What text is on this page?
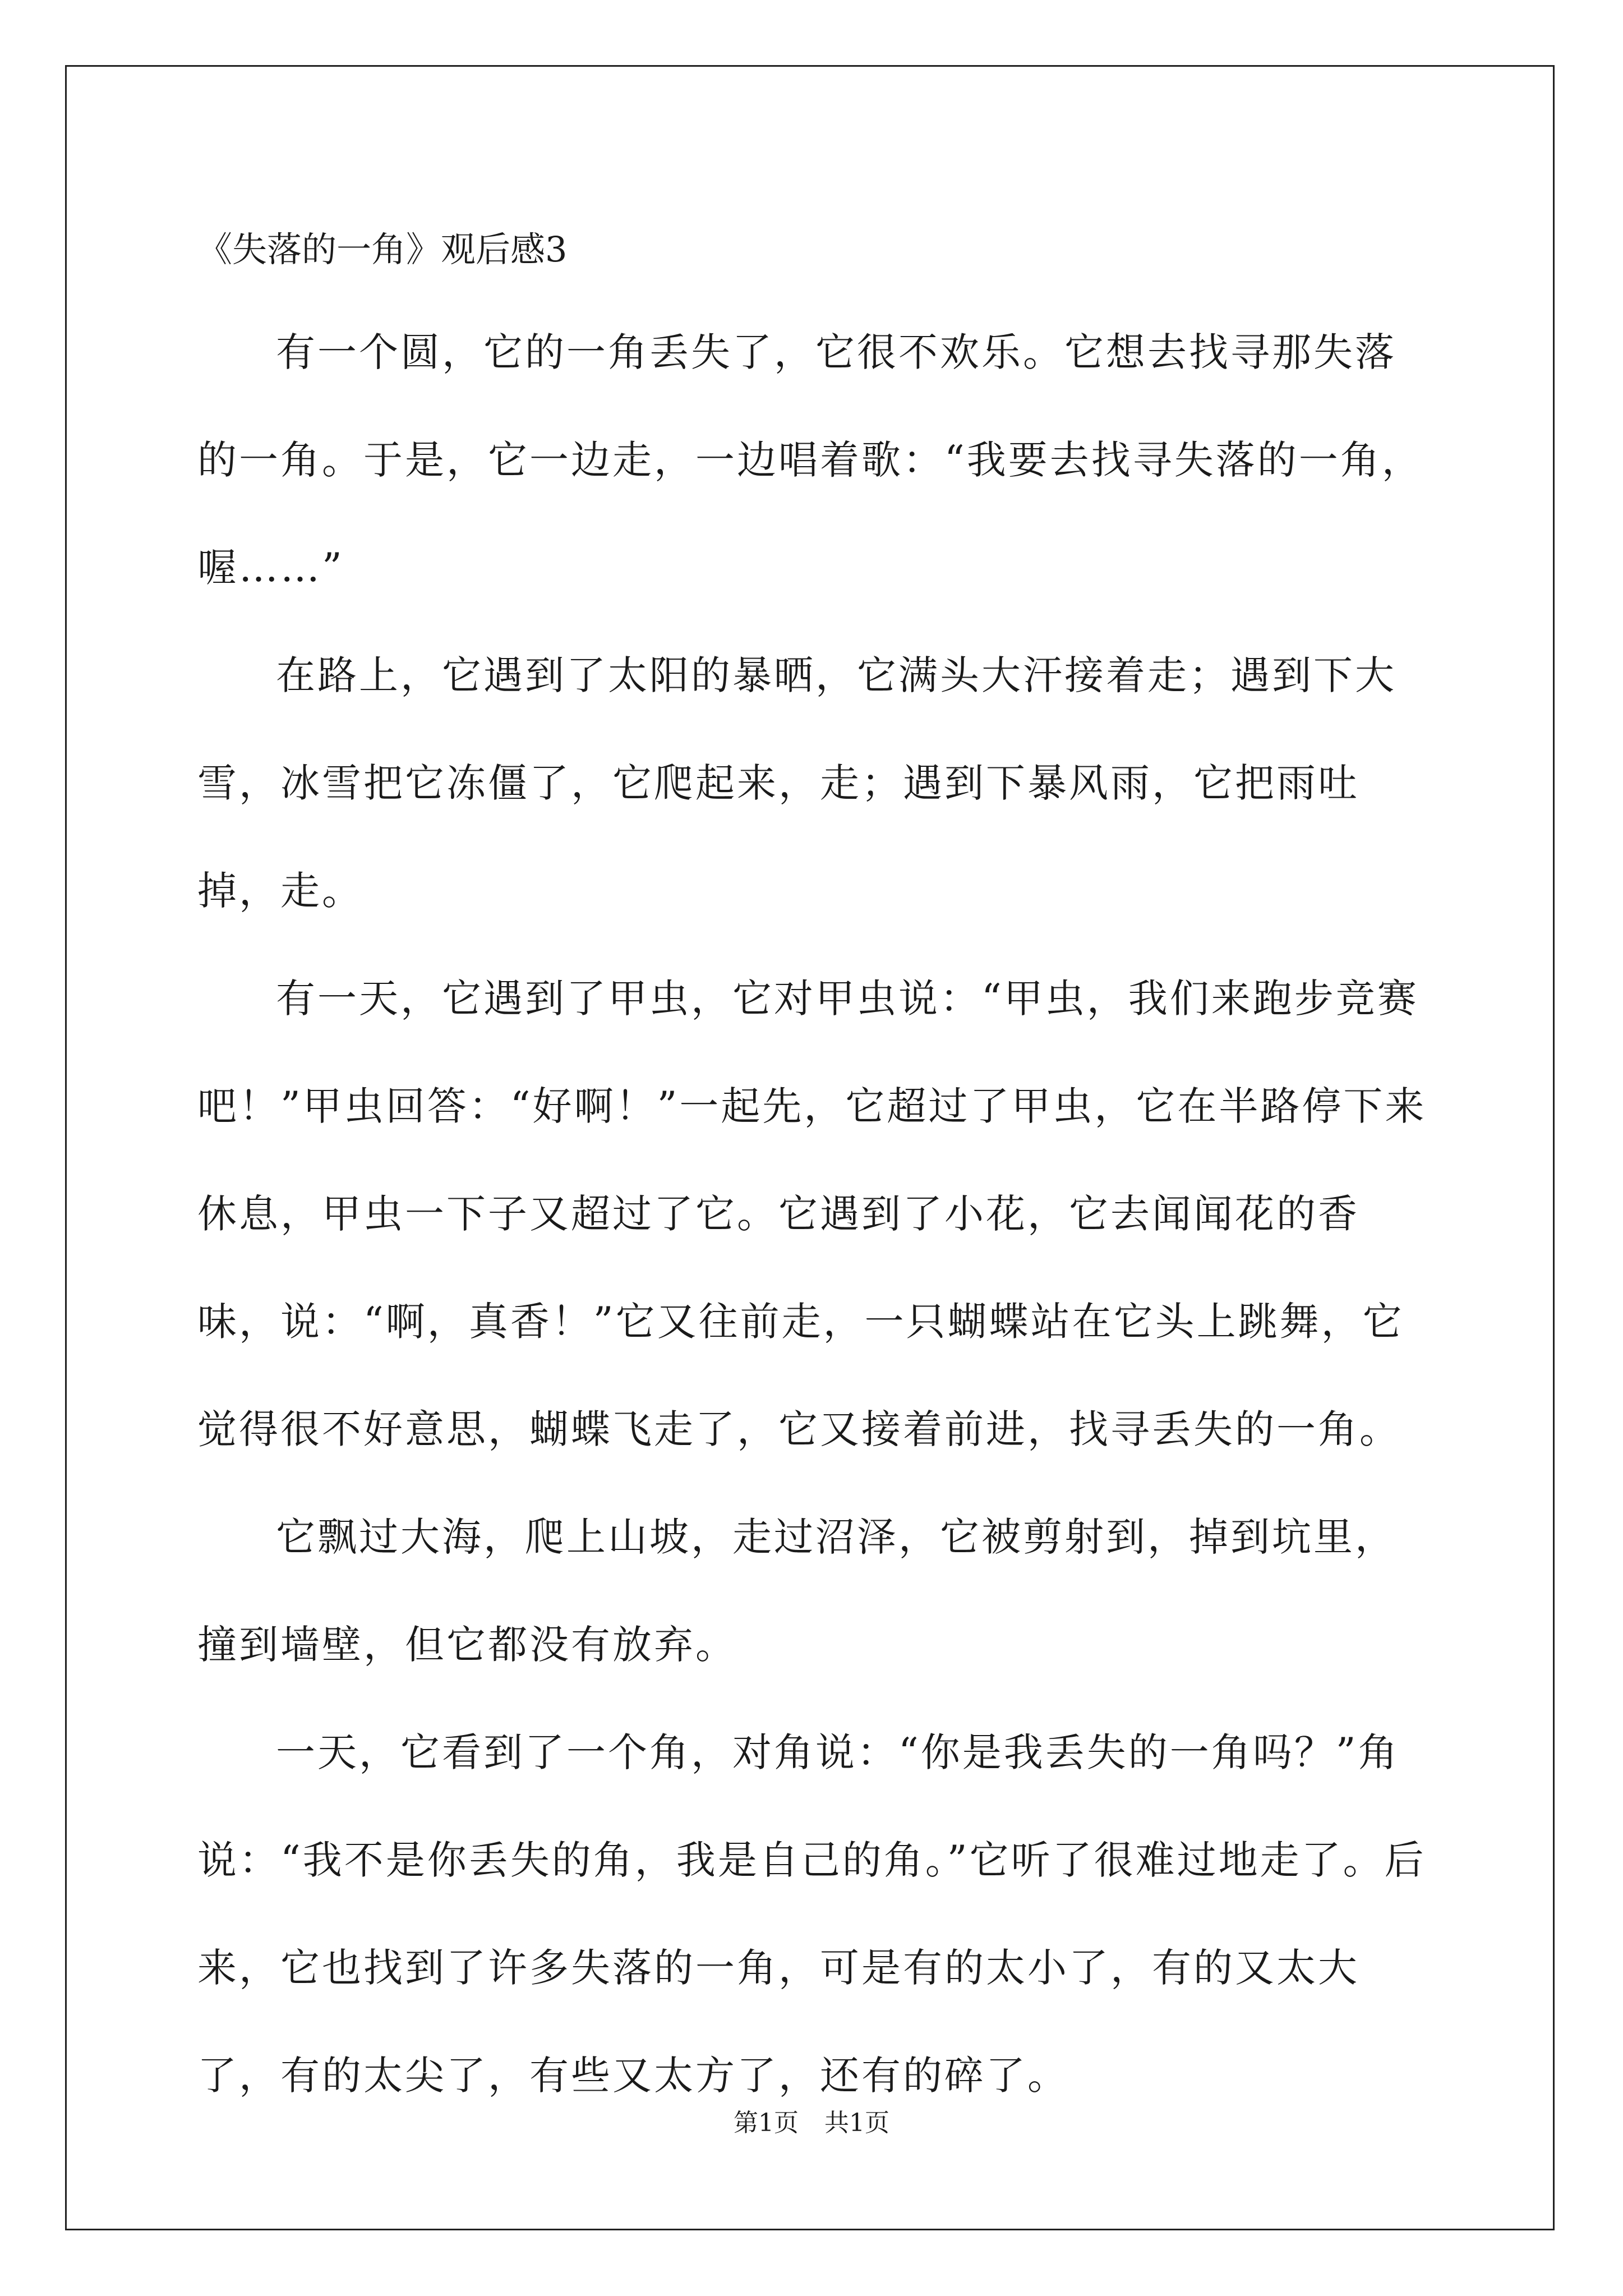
《失落的一角》观后感3

有一个圆，它的一角丢失了，它很不欢乐。它想去找寻那失落的一角。于是，它一边走，一边唱着歌：“我要去找寻失落的一角，喔……”

在路上，它遇到了太阳的暴晒，它满头大汗接着走；遇到下大雪，冰雪把它冻僵了，它爬起来，走；遇到下暴风雨，它把雨吐掉，走。

有一天，它遇到了甲虫，它对甲虫说：“甲虫，我们来跑步竞赛吧！”甲虫回答：“好啊！”一起先，它超过了甲虫，它在半路停下来休息，甲虫一下子又超过了它。它遇到了小花，它去闻闻花的香味，说：“啊，真香！”它又往前走，一只蝴蝶站在它头上跳舞，它觉得很不好意思，蝴蝶飞走了，它又接着前进，找寻丢失的一角。

它飘过大海，爬上山坡，走过沼泽，它被剪射到，掉到坑里，撞到墙壁，但它都没有放弃。

一天，它看到了一个角，对角说：“你是我丢失的一角吗？”角说：“我不是你丢失的角，我是自己的角。”它听了很难过地走了。后来，它也找到了许多失落的一角，可是有的太小了，有的又太大了，有的太尖了，有些又太方了，还有的碎了。

第1页 共1页
